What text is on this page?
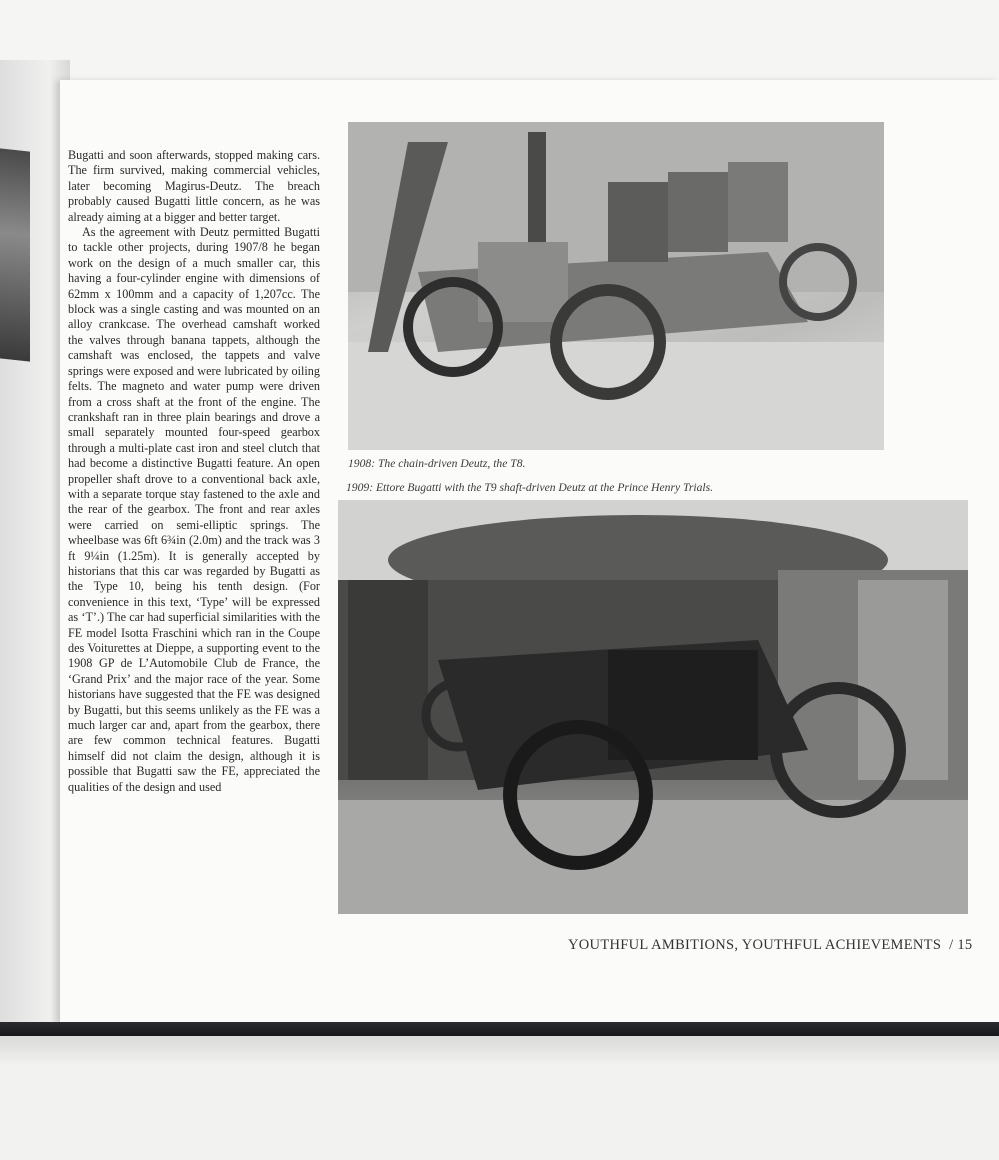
Bugatti and soon afterwards, stopped making cars. The firm survived, making commercial vehicles, later becoming Magirus-Deutz. The breach probably caused Bugatti little concern, as he was already aiming at a bigger and better target.

As the agreement with Deutz permitted Bugatti to tackle other projects, during 1907/8 he began work on the design of a much smaller car, this having a four-cylinder engine with dimensions of 62mm x 100mm and a capacity of 1,207cc. The block was a single casting and was mounted on an alloy crankcase. The overhead camshaft worked the valves through banana tappets, although the camshaft was enclosed, the tappets and valve springs were exposed and were lubricated by oiling felts. The magneto and water pump were driven from a cross shaft at the front of the engine. The crankshaft ran in three plain bearings and drove a small separately mounted four-speed gearbox through a multi-plate cast iron and steel clutch that had become a distinctive Bugatti feature. An open propeller shaft drove to a conventional back axle, with a separate torque stay fastened to the axle and the rear of the gearbox. The front and rear axles were carried on semi-elliptic springs. The wheelbase was 6ft 6¾in (2.0m) and the track was 3 ft 9¼in (1.25m). It is generally accepted by historians that this car was regarded by Bugatti as the Type 10, being his tenth design. (For convenience in this text, ‘Type’ will be expressed as ‘T’.) The car had superficial similarities with the FE model Isotta Fraschini which ran in the Coupe des Voiturettes at Dieppe, a supporting event to the 1908 GP de L’Automobile Club de France, the ‘Grand Prix’ and the major race of the year. Some historians have suggested that the FE was designed by Bugatti, but this seems unlikely as the FE was a much larger car and, apart from the gearbox, there are few common technical features. Bugatti himself did not claim the design, although it is possible that Bugatti saw the FE, appreciated the qualities of the design and used

1908: The chain-driven Deutz, the T8.
1909: Ettore Bugatti with the T9 shaft-driven Deutz at the Prince Henry Trials.
YOUTHFUL AMBITIONS, YOUTHFUL ACHIEVEMENTS / 15
